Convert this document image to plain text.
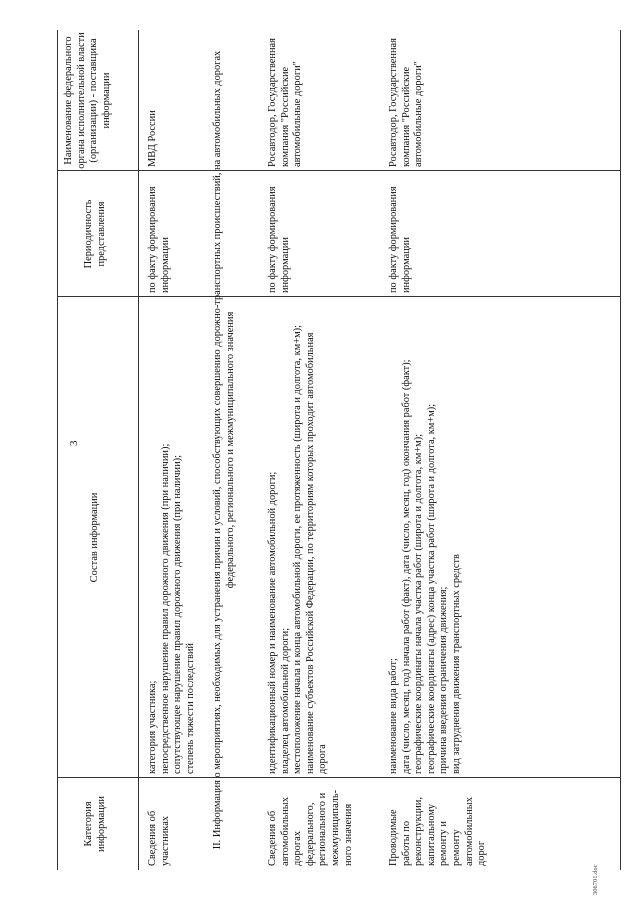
3
306701.doc
Категория информации
Состав информации
Периодичность представления
Наименование федерального органа исполнительной власти (организации) - поставщика информации
Сведения об участниках
категория участника; непосредственное нарушение правил дорожного движения (при наличии); сопутствующее нарушение правил дорожного движения (при наличии); степень тяжести последствий
по факту формирования информации
МВД России	II. Информация о мероприятиях, необходимых для устранения причин и условий, способствующих совершению дорожно-транспортных происшествий, на автомобильных дорогах федерального, регионального и межмуниципального значения
Сведения об автомобильных дорогах федерального, регионального и межмуниципаль-ного значения
идентификационный номер и наименование автомобильной дороги; владелец автомобильной дороги; местоположение начала и конца автомобильной дороги, ее протяженность (широта и долгота, км+м); наименование субъектов Российской Федерации, по территориям которых проходит автомобильная дорога
по факту формирования информации
Росавтодор, Государственная компания "Российские автомобильные дороги"
Проводимые работы по реконструкции, капитальному ремонту и ремонту автомобильных дорог
наименование вида работ; дата (число, месяц, год) начала работ (факт), дата (число, месяц, год) окончания работ (факт); географические координаты начала участка работ (широта и долгота, км+м); географические координаты (адрес) конца участка работ (широта и долгота, км+м); причина введения ограничения движения; вид затруднения движения транспортных средств
по факту формирования информации
Росавтодор, Государственная компания "Российские автомобильные дороги"
